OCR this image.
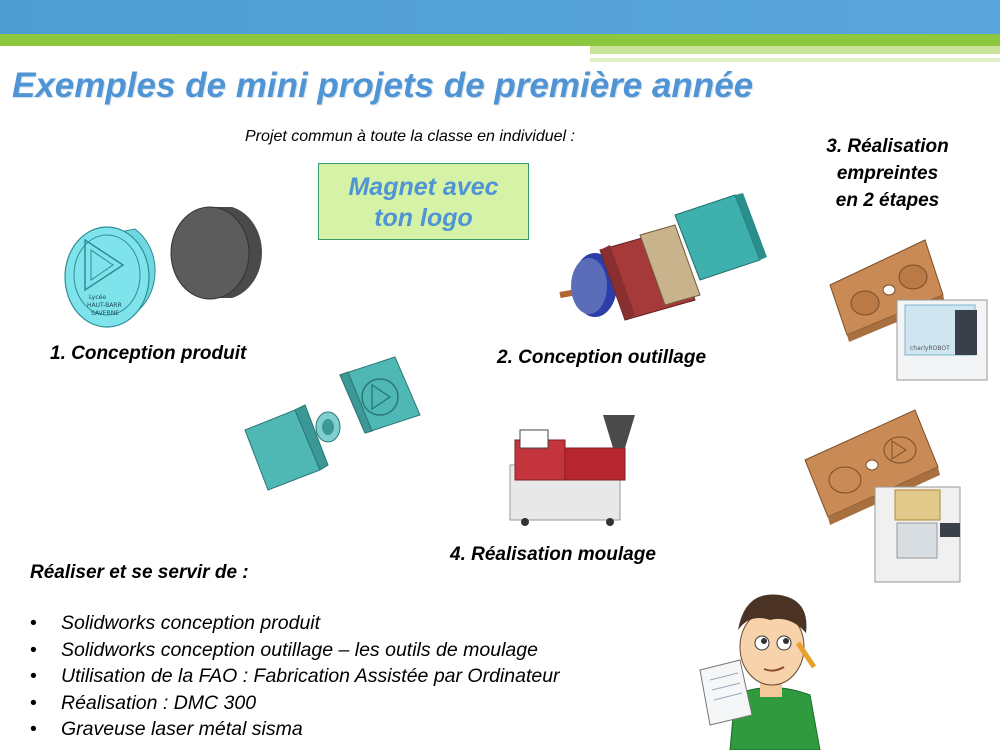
Exemples de mini projets de première année
Projet commun à toute la classe en individuel :
Magnet avec
ton logo
Lycée
HAUT-BARR
SAVERNE
1. Conception produit	2. Conception outillage
3. Réalisation
empreintes
en 2 étapes
charlyROBOT
4. Réalisation moulage
Réaliser et se servir de :
• Solidworks conception produit
• Solidworks conception outillage – les outils de moulage
• Utilisation de la FAO : Fabrication Assistée par Ordinateur
• Réalisation : DMC 300
• Graveuse laser métal sisma
